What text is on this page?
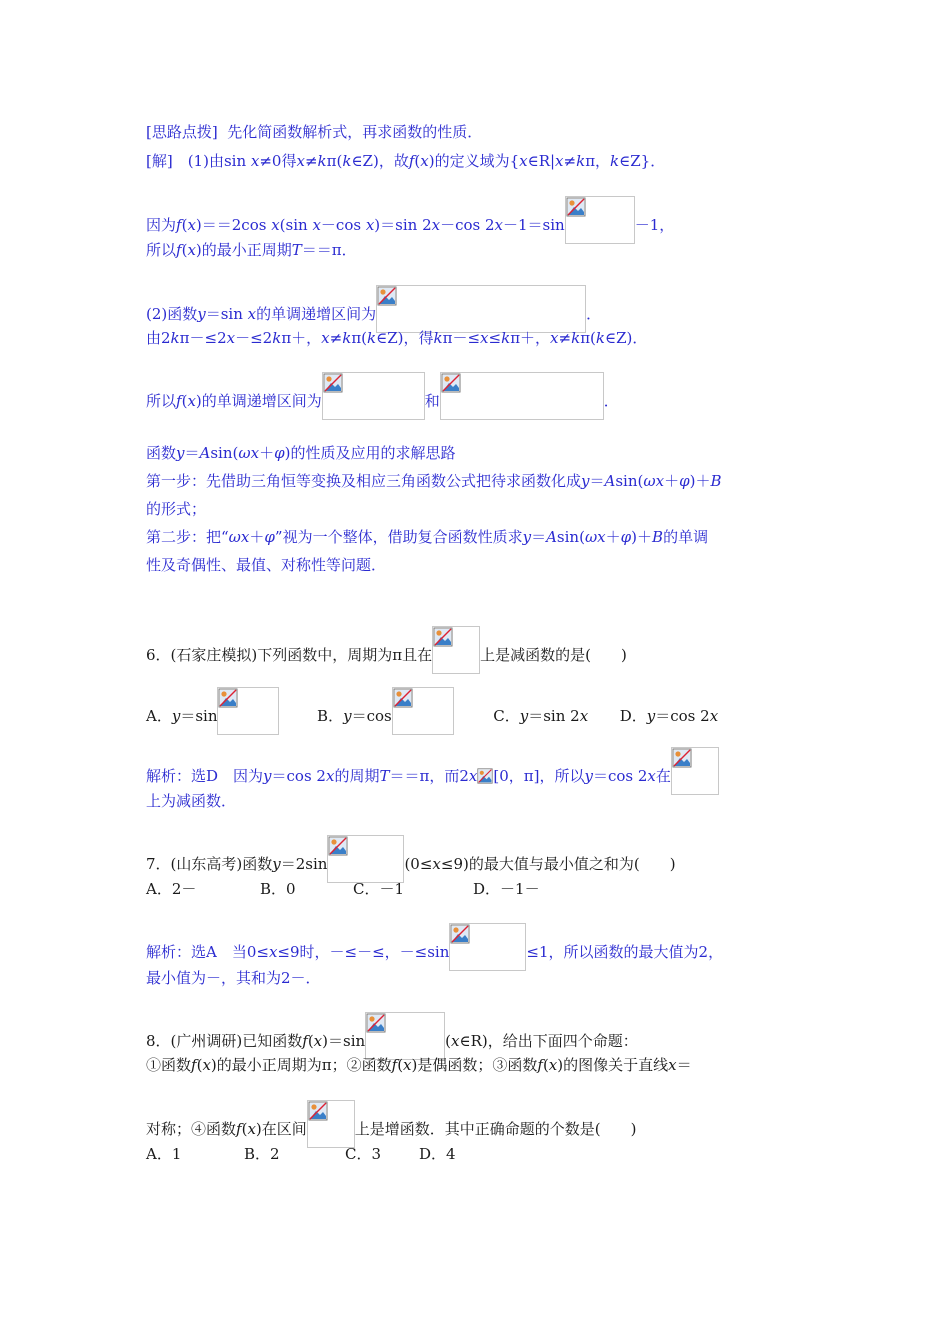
[思路点拨] 先化简函数解析式，再求函数的性质．
[解]　(1)由sin x≠0得x≠kπ(k∈Z)，故f(x)的定义域为{x∈R|x≠kπ，k∈Z}．
因为f(x)＝＝2cos x(sin x－cos x)＝sin 2x－cos 2x－1＝sin	－1，
所以f(x)的最小正周期T＝＝π．
(2)函数y＝sin x的单调递增区间为	．
由2kπ－≤2x－≤2kπ＋，x≠kπ(k∈Z)，得kπ－≤x≤kπ＋，x≠kπ(k∈Z)．
所以f(x)的单调递增区间为	和	．
函数y＝Asin(ωx＋φ)的性质及应用的求解思路
第一步：先借助三角恒等变换及相应三角函数公式把待求函数化成y＝Asin(ωx＋φ)＋B
的形式；
第二步：把“ωx＋φ”视为一个整体，借助复合函数性质求y＝Asin(ωx＋φ)＋B的单调
性及奇偶性、最值、对称性等问题．
6．(石家庄模拟)下列函数中，周期为π且在	上是减函数的是(　　)
A．y＝sin	B．y＝cos	C．y＝sin 2x D．y＝cos 2x
解析：选D　因为y＝cos 2x的周期T＝＝π，而2x [0，π]，所以y＝cos 2x在
上为减函数．
7．(山东高考)函数y＝2sin	(0≤x≤9)的最大值与最小值之和为(　　)
A．2－	B．0	C．－1	D．－1－
解析：选A　当0≤x≤9时，－≤－≤，－≤sin	≤1，所以函数的最大值为2，
最小值为－，其和为2－．
8．(广州调研)已知函数f(x)＝sin	(x∈R)，给出下面四个命题：
①函数f(x)的最小正周期为π；②函数f(x)是偶函数；③函数f(x)的图像关于直线x＝
对称；④函数f(x)在区间	上是增函数．其中正确命题的个数是(　　)
A．1	B．2	C．3	D．4
